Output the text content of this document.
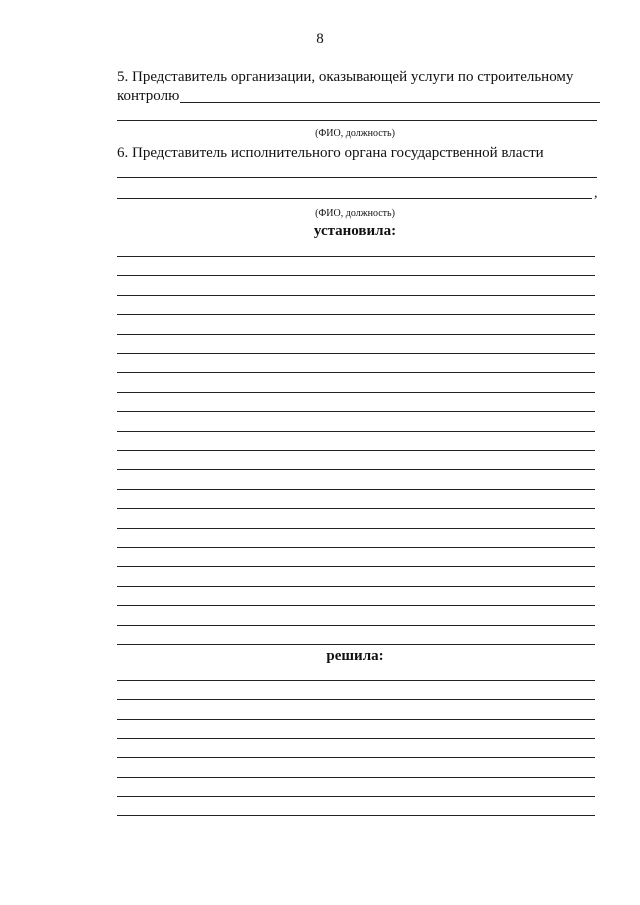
8
5. Представитель организации, оказывающей услуги по строительному
контролю
(ФИО, должность)
6. Представитель исполнительного органа государственной власти
,
(ФИО, должность)
установила:
решила:
